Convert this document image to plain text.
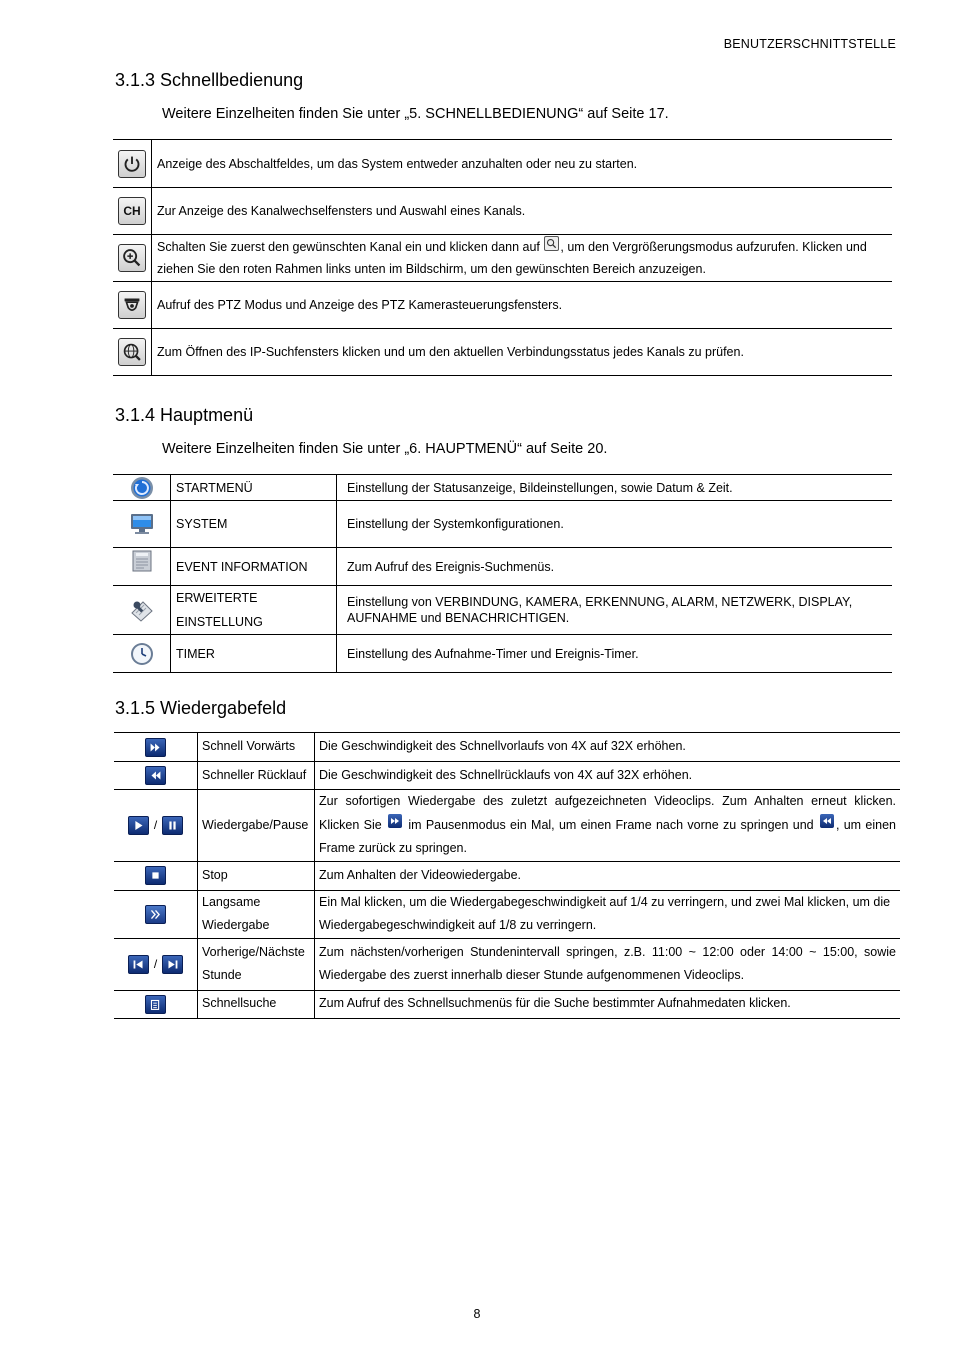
BENUTZERSCHNITTSTELLE
3.1.3 Schnellbedienung

Weitere Einzelheiten finden Sie unter „5. SCHNELLBEDIENUNG“ auf Seite 17.

	Anzeige des Abschaltfeldes, um das System entweder anzuhalten oder neu zu starten.

CH	Zur Anzeige des Kanalwechselfensters und Auswahl eines Kanals.

	Schalten Sie zuerst den gewünschten Kanal ein und klicken dann auf
, um den Vergrößerungsmodus aufzurufen. Klicken und ziehen Sie den roten Rahmen links unten im Bildschirm, um den gewünschten Bereich anzuzeigen.

	Aufruf des PTZ Modus und Anzeige des PTZ Kamerasteuerungsfensters.

	Zum Öffnen des IP-Suchfensters klicken und um den aktuellen Verbindungsstatus jedes Kanals zu prüfen.
3.1.4 Hauptmenü

Weitere Einzelheiten finden Sie unter „6. HAUPTMENÜ“ auf Seite 20.

	STARTMENÜ	Einstellung der Statusanzeige, Bildeinstellungen, sowie Datum & Zeit.

	SYSTEM	Einstellung der Systemkonfigurationen.

	EVENT INFORMATION	Zum Aufruf des Ereignis-Suchmenüs.

	ERWEITERTE
EINSTELLUNG	Einstellung von VERBINDUNG, KAMERA, ERKENNUNG, ALARM, NETZWERK, DISPLAY, AUFNAHME und BENACHRICHTIGEN.

	TIMER	Einstellung des Aufnahme-Timer und Ereignis-Timer.
3.1.5 Wiedergabefeld
	Schnell Vorwärts	Die Geschwindigkeit des Schnellvorlaufs von 4X auf 32X erhöhen.

	Schneller Rücklauf	Die Geschwindigkeit des Schnellrücklaufs von 4X auf 32X erhöhen.

/	Wiedergabe/Pause	Zur sofortigen Wiedergabe des zuletzt aufgezeichneten Videoclips. Zum Anhalten erneut klicken. Klicken Sie
im Pausenmodus ein Mal, um einen Frame nach vorne zu springen und
, um einen Frame zurück zu springen.

	Stop	Zum Anhalten der Videowiedergabe.

	Langsame
Wiedergabe	Ein Mal klicken, um die Wiedergabegeschwindigkeit auf 1/4 zu verringern, und zwei Mal klicken, um die Wiedergabegeschwindigkeit auf 1/8 zu verringern.

/	Vorherige/Nächste
Stunde	Zum nächsten/vorherigen Stundenintervall springen, z.B. 11:00 ~ 12:00 oder 14:00 ~ 15:00, sowie Wiedergabe des zuerst innerhalb dieser Stunde aufgenommenen Videoclips.

	Schnellsuche	Zum Aufruf des Schnellsuchmenüs für die Suche bestimmter Aufnahmedaten klicken.
8
